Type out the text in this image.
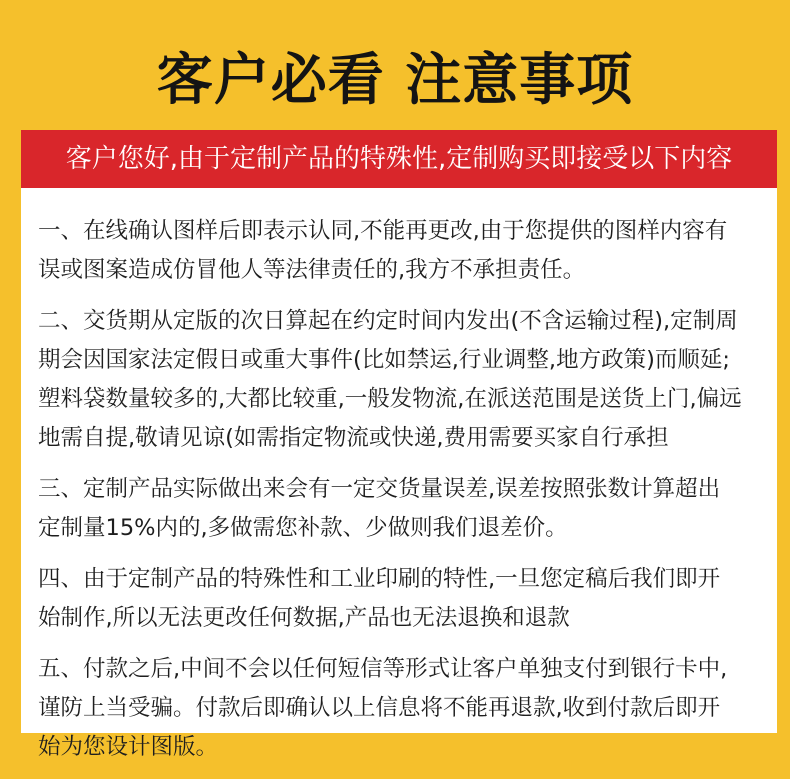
客户必看 注意事项
客户您好,由于定制产品的特殊性,定制购买即接受以下内容
一、在线确认图样后即表示认同,不能再更改,由于您提供的图样内容有
误或图案造成仿冒他人等法律责任的,我方不承担责任。
二、交货期从定版的次日算起在约定时间内发出(不含运输过程),定制周
期会因国家法定假日或重大事件(比如禁运,行业调整,地方政策)而顺延;
塑料袋数量较多的,大都比较重,一般发物流,在派送范围是送货上门,偏远
地需自提,敬请见谅(如需指定物流或快递,费用需要买家自行承担
三、定制产品实际做出来会有一定交货量误差,误差按照张数计算超出
定制量15%内的,多做需您补款、少做则我们退差价。
四、由于定制产品的特殊性和工业印刷的特性,一旦您定稿后我们即开
始制作,所以无法更改任何数据,产品也无法退换和退款
五、付款之后,中间不会以任何短信等形式让客户单独支付到银行卡中,
谨防上当受骗。付款后即确认以上信息将不能再退款,收到付款后即开
始为您设计图版。
